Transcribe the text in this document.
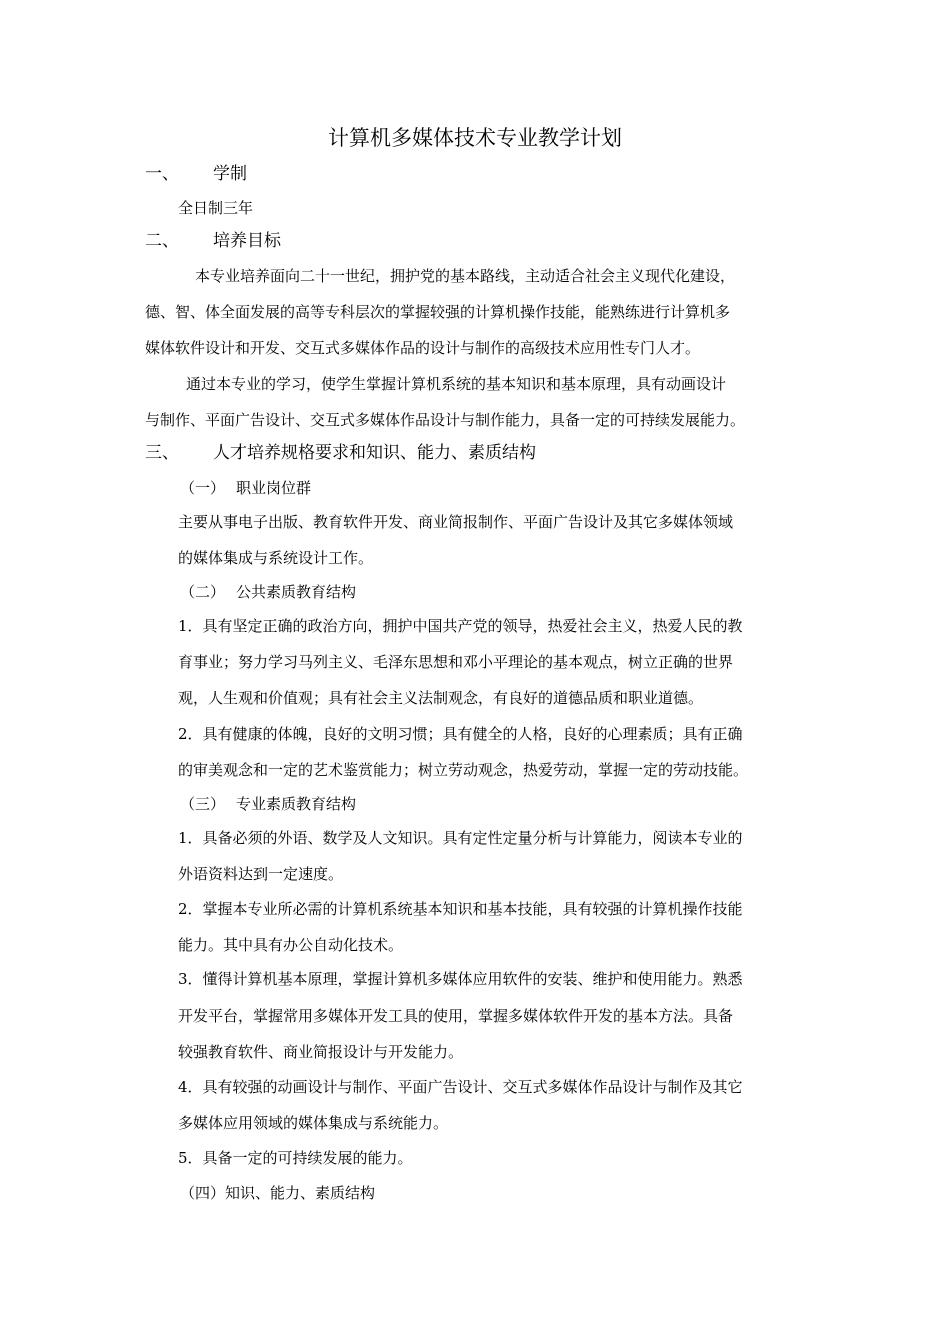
计算机多媒体技术专业教学计划
一、 学制
全日制三年
二、 培养目标
本专业培养面向二十一世纪，拥护党的基本路线，主动适合社会主义现代化建设，
德、智、体全面发展的高等专科层次的掌握较强的计算机操作技能，能熟练进行计算机多
媒体软件设计和开发、交互式多媒体作品的设计与制作的高级技术应用性专门人才。
通过本专业的学习，使学生掌握计算机系统的基本知识和基本原理，具有动画设计
与制作、平面广告设计、交互式多媒体作品设计与制作能力，具备一定的可持续发展能力。
三、 人才培养规格要求和知识、能力、素质结构
（一） 职业岗位群
主要从事电子出版、教育软件开发、商业简报制作、平面广告设计及其它多媒体领域
的媒体集成与系统设计工作。
（二） 公共素质教育结构
1．具有坚定正确的政治方向，拥护中国共产党的领导，热爱社会主义，热爱人民的教
育事业；努力学习马列主义、毛泽东思想和邓小平理论的基本观点，树立正确的世界
观，人生观和价值观；具有社会主义法制观念，有良好的道德品质和职业道德。
2．具有健康的体魄，良好的文明习惯；具有健全的人格，良好的心理素质；具有正确
的审美观念和一定的艺术鉴赏能力；树立劳动观念，热爱劳动，掌握一定的劳动技能。
（三） 专业素质教育结构
1．具备必须的外语、数学及人文知识。具有定性定量分析与计算能力，阅读本专业的
外语资料达到一定速度。
2．掌握本专业所必需的计算机系统基本知识和基本技能，具有较强的计算机操作技能
能力。其中具有办公自动化技术。
3．懂得计算机基本原理，掌握计算机多媒体应用软件的安装、维护和使用能力。熟悉
开发平台，掌握常用多媒体开发工具的使用，掌握多媒体软件开发的基本方法。具备
较强教育软件、商业简报设计与开发能力。
4．具有较强的动画设计与制作、平面广告设计、交互式多媒体作品设计与制作及其它
多媒体应用领域的媒体集成与系统能力。
5．具备一定的可持续发展的能力。
（四）知识、能力、素质结构
